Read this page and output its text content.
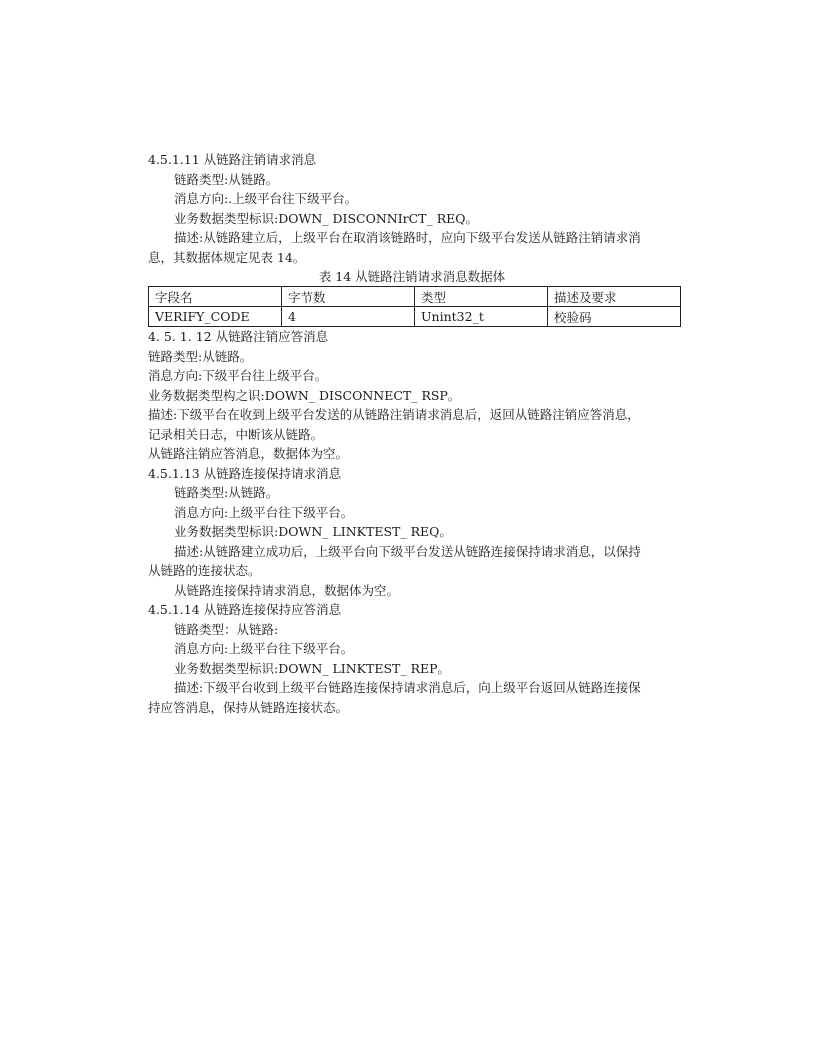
4.5.1.11 从链路注销请求消息
链路类型:从链路。
消息方向:.上级平台往下级平台。
业务数据类型标识:DOWN_ DISCONNIrCT_ REQ。
描述:从链路建立后，上级平台在取消该链路时，应向下级平台发送从链路注销请求消
息，其数据体规定见表 14。
表 14 从链路注销请求消息数据体
字段名	字节数	类型	描述及要求
VERIFY_CODE	4	Unint32_t	校验码
4. 5. 1. 12 从链路注销应答消息
链路类型:从链路。
消息方向:下级平台往上级平台。
业务数据类型构之识:DOWN_ DISCONNECT_ RSP。
描述:下级平台在收到上级平台发送的从链路注销请求消息后，返回从链路注销应答消息，
记录相关日志，中断该从链路。
从链路注销应答消息，数据体为空。
4.5.1.13 从链路连接保持请求消息
链路类型:从链路。
消息方向:上级平台往下级平台。
业务数据类型标识:DOWN_ LINKTEST_ REQ。
描述:从链路建立成功后，上级平台向下级平台发送从链路连接保持请求消息，以保持
从链路的连接状态。
从链路连接保持请求消息，数据体为空。
4.5.1.14 从链路连接保持应答消息
链路类型：从链路:
消息方向:上级平台往下级平台。
业务数据类型标识:DOWN_ LINKTEST_ REP。
描述:下级平台收到上级平台链路连接保持请求消息后，向上级平台返回从链路连接保
持应答消息，保持从链路连接状态。
